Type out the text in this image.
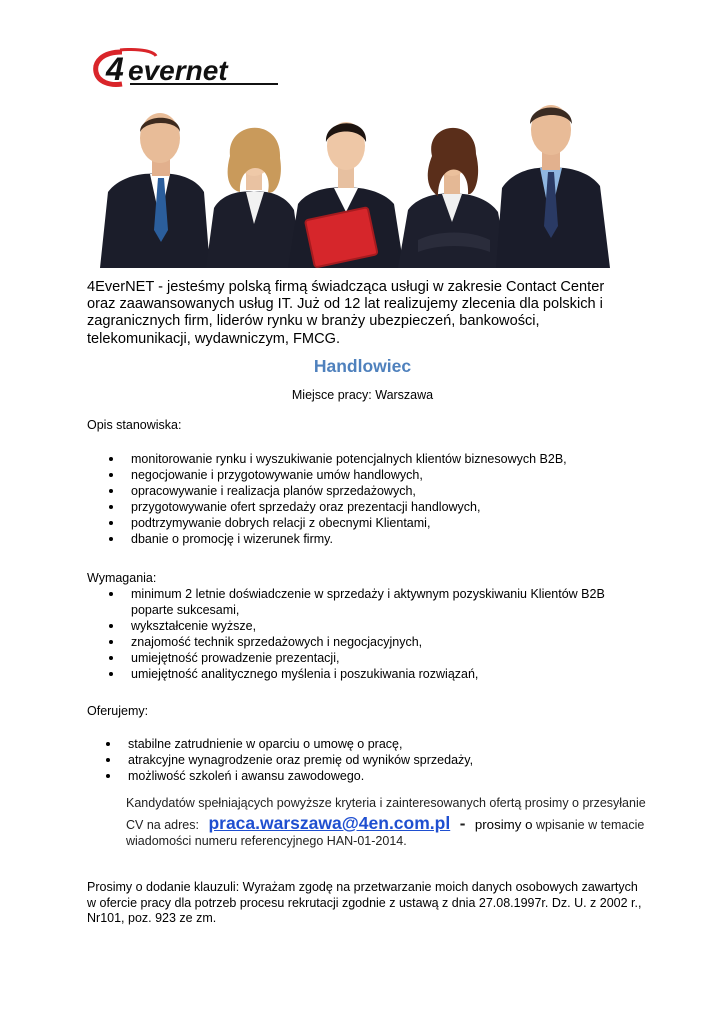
4 evernet

4EverNET - jesteśmy polską firmą świadcząca usługi w zakresie Contact Center oraz zaawansowanych usług IT. Już od 12 lat realizujemy zlecenia dla polskich i zagranicznych firm, liderów rynku w branży ubezpieczeń, bankowości, telekomunikacji, wydawniczym, FMCG.

Handlowiec

Miejsce pracy: Warszawa

Opis stanowiska:

monitorowanie rynku i wyszukiwanie potencjalnych klientów biznesowych B2B,
negocjowanie i przygotowywanie umów handlowych,
opracowywanie i realizacja planów sprzedażowych,
przygotowywanie ofert sprzedaży oraz prezentacji handlowych,
podtrzymywanie dobrych relacji z obecnymi Klientami,
dbanie o promocję i wizerunek firmy.

Wymagania:

minimum 2 letnie doświadczenie w sprzedaży i aktywnym pozyskiwaniu Klientów B2B poparte sukcesami,
wykształcenie wyższe,
znajomość technik sprzedażowych i negocjacyjnych,
umiejętność prowadzenie prezentacji,
umiejętność analitycznego myślenia i poszukiwania rozwiązań,

Oferujemy:

stabilne zatrudnienie w oparciu o umowę o pracę,
atrakcyjne wynagrodzenie oraz premię od wyników sprzedaży,
możliwość szkoleń i awansu zawodowego.

Kandydatów spełniających powyższe kryteria i zainteresowanych ofertą prosimy o przesyłanie

CV na adres: praca.warszawa@4en.com.pl - prosimy o wpisanie w temacie

wiadomości numeru referencyjnego HAN-01-2014.

Prosimy o dodanie klauzuli: Wyrażam zgodę na przetwarzanie moich danych osobowych zawartych w ofercie pracy dla potrzeb procesu rekrutacji zgodnie z ustawą z dnia 27.08.1997r. Dz. U. z 2002 r., Nr101, poz. 923 ze zm.
